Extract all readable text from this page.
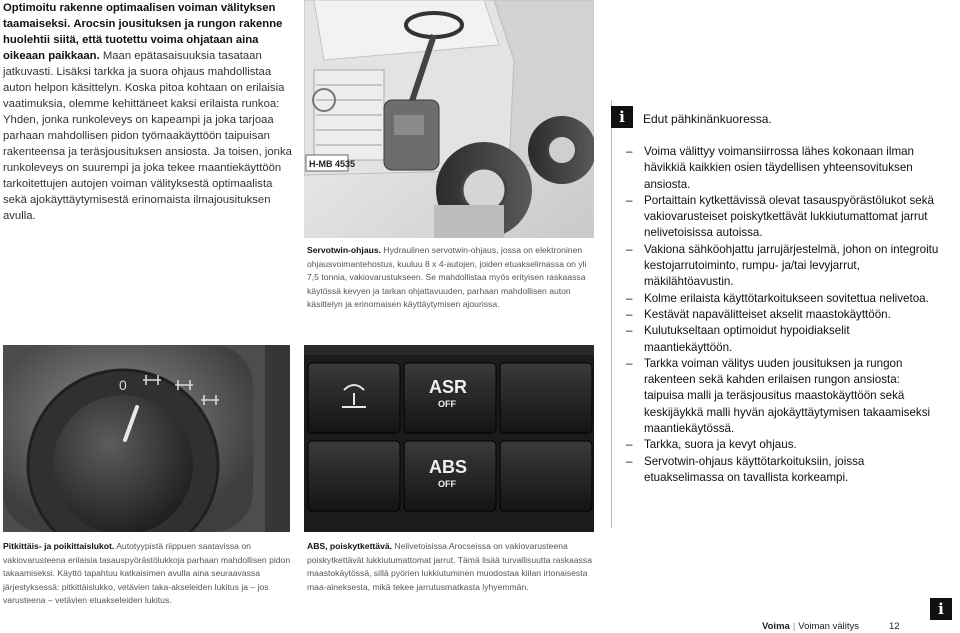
Optimoitu rakenne optimaalisen voiman välityksen taamaiseksi. Arocsin jousituksen ja rungon rakenne huolehtii siitä, että tuotettu voima ohjataan aina oikeaan paikkaan. Maan epätasaisuuksia tasataan jatkuvasti. Lisäksi tarkka ja suora ohjaus mahdollistaa auton helpon käsittelyn. Koska pitoa kohtaan on erilaisia vaatimuksia, olemme kehittäneet kaksi erilaista runkoa: Yhden, jonka runkoleveys on kapeampi ja joka tarjoaa parhaan mahdollisen pidon työmaakäyttöön taipuisan rakenteensa ja teräsjousituksen ansiosta. Ja toisen, jonka runkoleveys on suurempi ja joka tekee maantiekäyttöön tarkoitettujen autojen voiman välityksestä optimaalista sekä ajokäyttäytymisestä erinomaista ilmajousituksen avulla.
H-MB 4535
Servotwin-ohjaus. Hydraulinen servotwin-ohjaus, jossa on elektroninen ohjausvoimantehostus, kuuluu 8 x 4-autojen, joiden etuakselimassa on yli 7,5 tonnia, vakiovarustukseen. Se mahdollistaa myös erityisen raskaassa käytössä kevyen ja tarkan ohjattavuuden, parhaan mahdollisen auton käsittelyn ja erinomaisen käyttäytymisen ajourissa.
i	Edut pähkinänkuoressa.
– Voima välittyy voimansiirrossa lähes kokonaan ilman hävikkiä kaikkien osien täydellisen yhteensovituksen ansiosta.
– Portaittain kytkettävissä olevat tasauspyörästölukot sekä vakiovarusteiset poiskytkettävät lukkiutumattomat jarrut nelivetoisissa autoissa.
– Vakiona sähköohjattu jarrujärjestelmä, johon on integroitu kestojarrutoiminto, rumpu- ja/tai levyjarrut, mäkilähtöavustin.
– Kolme erilaista käyttötarkoitukseen sovitettua nelivetoa.
– Kestävät napavälitteiset akselit maastokäyttöön.
– Kulutukseltaan optimoidut hypoidiakselit maantiekäyttöön.
– Tarkka voiman välitys uuden jousituksen ja rungon rakenteen sekä kahden erilaisen rungon ansiosta: taipuisa malli ja teräsjousitus maastokäyttöön sekä keskijäykkä malli hyvän ajokäyttäytymisen takaamiseksi maantiekäytössä.
– Tarkka, suora ja kevyt ohjaus.
– Servotwin-ohjaus käyttötarkoituksiin, joissa etuakselimassa on tavallista korkeampi.
0
Pitkittäis- ja poikittaislukot. Autotyypistä riippuen saatavissa on vakiovarusteena erilaisia tasauspyörästölukkoja parhaan mahdollisen pidon takaamiseksi. Käyttö tapahtuu katkaisimen avulla aina seuraavassa järjestyksessä: pitkittäislukko, vetävien taka-akseleiden lukitus ja – jos varusteena – vetävien etuakseleiden lukitus.
ASR
OFF
ABS
OFF
ABS, poiskytkettävä. Nelivetoisissa Arocseissa on vakiovarusteena poiskytkettävät lukkiutumattomat jarrut. Tämä lisää turvallisuutta raskaassa maastokäytössä, sillä pyörien lukkiutuminen muodostaa kiilan irtonaisesta maa-aineksesta, mikä tekee jarrutusmatkasta lyhyemmän.
i
Voima | Voiman välitys	12
